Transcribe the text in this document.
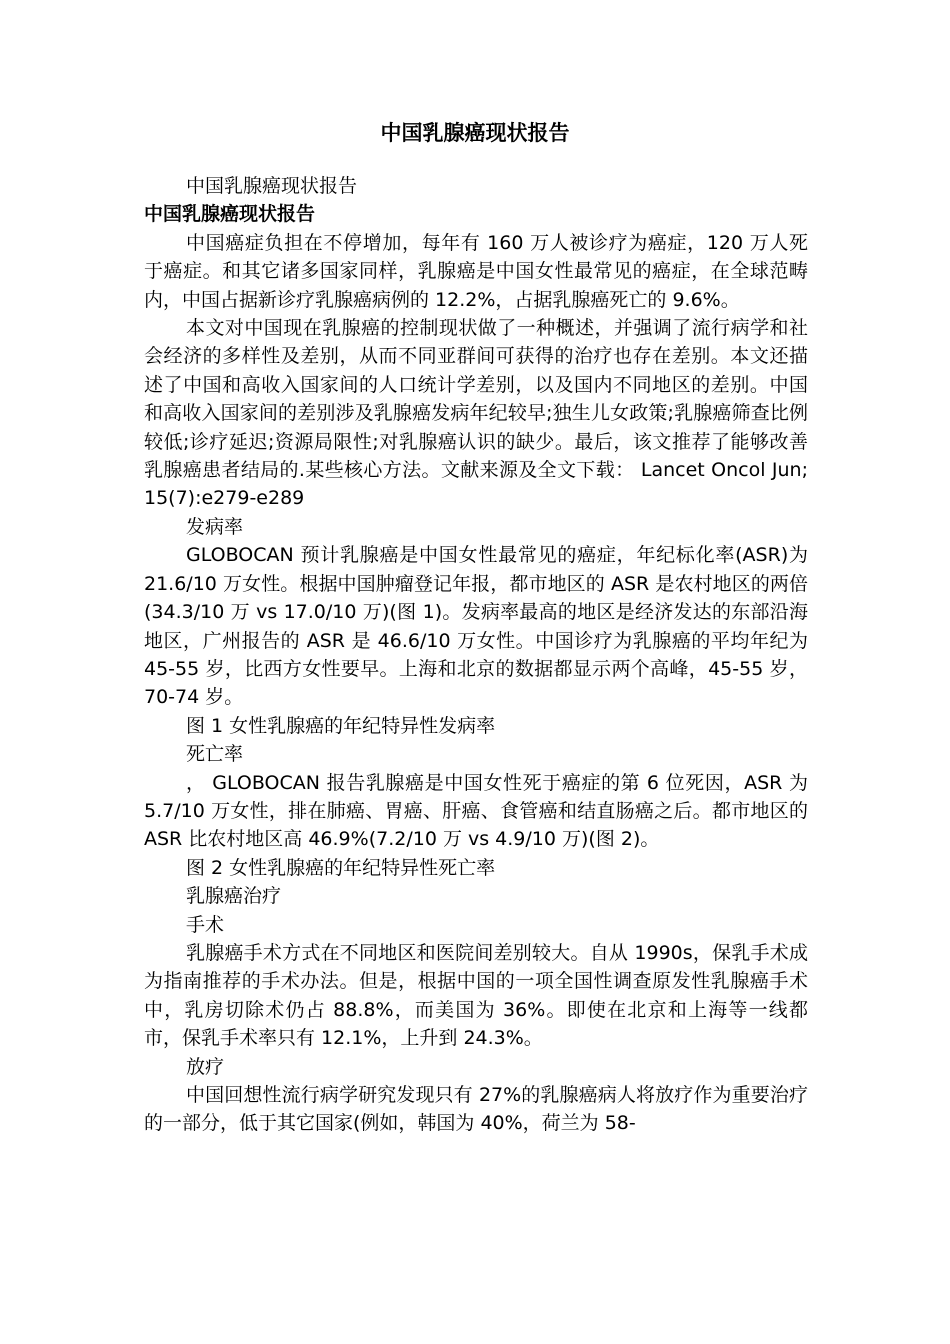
中国乳腺癌现状报告

中国乳腺癌现状报告

中国乳腺癌现状报告

中国癌症负担在不停增加，每年有 160 万人被诊疗为癌症，120 万人死于癌症。和其它诸多国家同样，乳腺癌是中国女性最常见的癌症，在全球范畴内，中国占据新诊疗乳腺癌病例的 12.2%，占据乳腺癌死亡的 9.6%。

本文对中国现在乳腺癌的控制现状做了一种概述，并强调了流行病学和社会经济的多样性及差别，从而不同亚群间可获得的治疗也存在差别。本文还描述了中国和高收入国家间的人口统计学差别，以及国内不同地区的差别。中国和高收入国家间的差别涉及乳腺癌发病年纪较早;独生儿女政策;乳腺癌筛查比例较低;诊疗延迟;资源局限性;对乳腺癌认识的缺少。最后，该文推荐了能够改善乳腺癌患者结局的.某些核心方法。文献来源及全文下载： Lancet Oncol Jun;15(7):e279-e289

发病率

GLOBOCAN 预计乳腺癌是中国女性最常见的癌症，年纪标化率(ASR)为 21.6/10 万女性。根据中国肿瘤登记年报，都市地区的 ASR 是农村地区的两倍(34.3/10 万 vs 17.0/10 万)(图 1)。发病率最高的地区是经济发达的东部沿海地区，广州报告的 ASR 是 46.6/10 万女性。中国诊疗为乳腺癌的平均年纪为 45-55 岁，比西方女性要早。上海和北京的数据都显示两个高峰，45-55 岁，70-74 岁。

图 1 女性乳腺癌的年纪特异性发病率

死亡率

， GLOBOCAN 报告乳腺癌是中国女性死于癌症的第 6 位死因，ASR 为 5.7/10 万女性，排在肺癌、胃癌、肝癌、食管癌和结直肠癌之后。都市地区的 ASR 比农村地区高 46.9%(7.2/10 万 vs 4.9/10 万)(图 2)。

图 2 女性乳腺癌的年纪特异性死亡率

乳腺癌治疗

手术

乳腺癌手术方式在不同地区和医院间差别较大。自从 1990s，保乳手术成为指南推荐的手术办法。但是，根据中国的一项全国性调查原发性乳腺癌手术中，乳房切除术仍占 88.8%，而美国为 36%。即使在北京和上海等一线都市，保乳手术率只有 12.1%，上升到 24.3%。

放疗

中国回想性流行病学研究发现只有 27%的乳腺癌病人将放疗作为重要治疗的一部分，低于其它国家(例如，韩国为 40%，荷兰为 58-
